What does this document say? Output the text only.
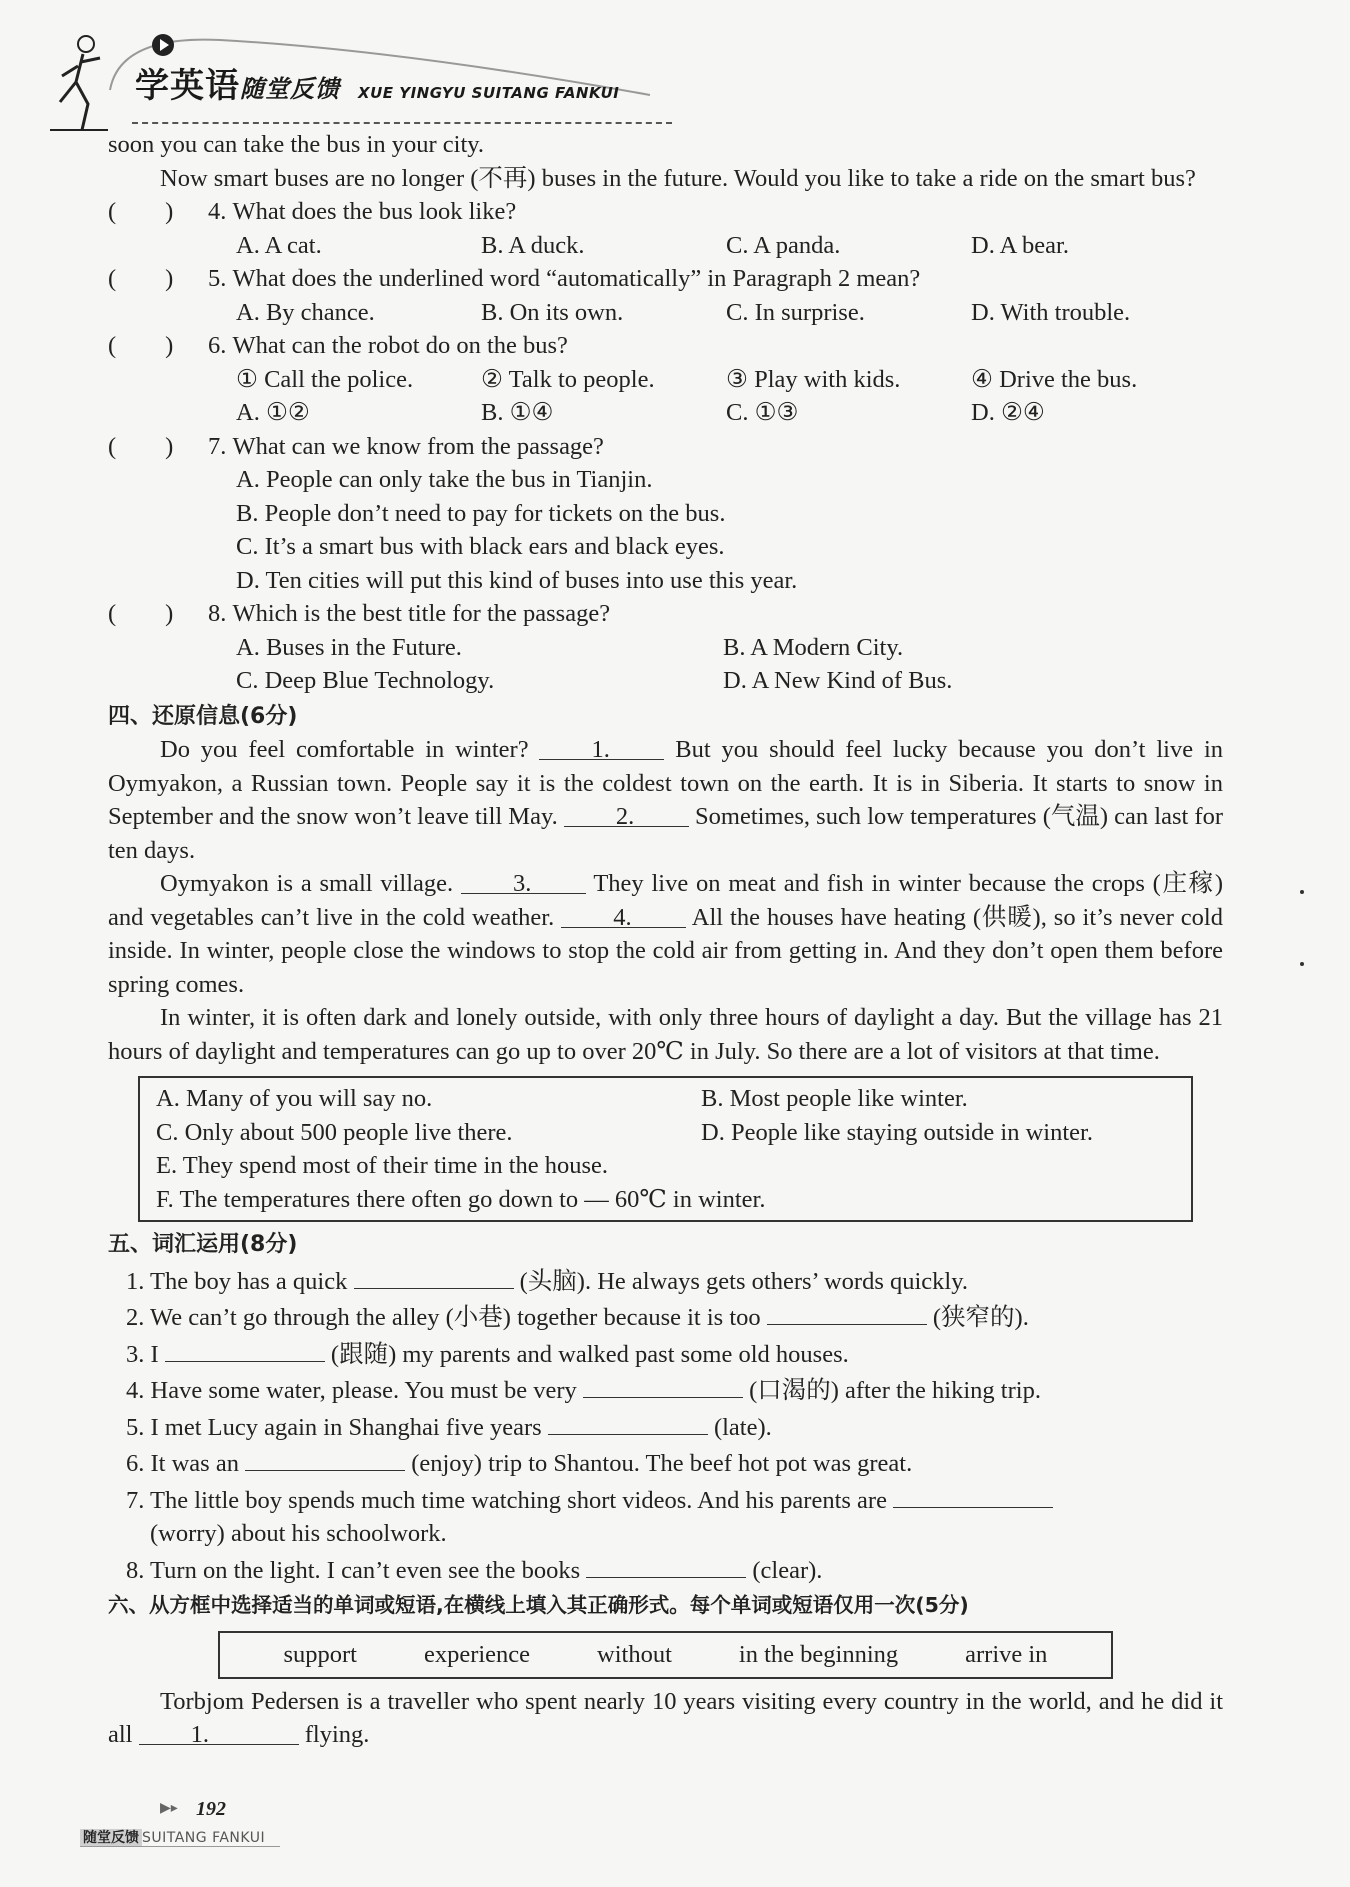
学英语随堂反馈 XUE YINGYU SUITANG FANKUI

soon you can take the bus in your city.

Now smart buses are no longer (不再) buses in the future. Would you like to take a ride on the smart bus?

(        )	4.
What does the bus look like?
A. A cat.	B. A duck.	C. A panda.	D. A bear.
(        )	5.
What does the underlined word “automatically” in Paragraph 2 mean?
A. By chance.	B. On its own.	C. In surprise.	D. With trouble.
(        )	6.
What can the robot do on the bus?
① Call the police.	② Talk to people.	③ Play with kids.	④ Drive the bus.
A. ①②	B. ①④	C. ①③	D. ②④
(        )	7.
What can we know from the passage?

A. People can only take the bus in Tianjin.

B. People don’t need to pay for tickets on the bus.

C. It’s a smart bus with black ears and black eyes.

D. Ten cities will put this kind of buses into use this year.

(        )	8.
Which is the best title for the passage?
A. Buses in the Future.	B. A Modern City.
C. Deep Blue Technology.	D. A New Kind of Bus.

四、还原信息(6分)

Do you feel comfortable in winter? 1. But you should feel lucky because you don’t live in Oymyakon, a Russian town. People say it is the coldest town on the earth. It is in Siberia. It starts to snow in September and the snow won’t leave till May. 2. Sometimes, such low temperatures (气温) can last for ten days.

Oymyakon is a small village. 3. They live on meat and fish in winter because the crops (庄稼) and vegetables can’t live in the cold weather. 4. All the houses have heating (供暖), so it’s never cold inside. In winter, people close the windows to stop the cold air from getting in. And they don’t open them before spring comes.

In winter, it is often dark and lonely outside, with only three hours of daylight a day. But the village has 21 hours of daylight and temperatures can go up to over 20℃ in July. So there are a lot of visitors at that time.

A. Many of you will say no.	B. Most people like winter.
C. Only about 500 people live there.	D. People like staying outside in winter.
E. They spend most of their time in the house.
F. The temperatures there often go down to — 60℃ in winter.

五、词汇运用(8分)

1. The boy has a quick	(头脑). He always gets others’ words quickly.

2. We can’t go through the alley (小巷) together because it is too	(狭窄的).

3. I	(跟随) my parents and walked past some old houses.

4. Have some water, please. You must be very	(口渴的) after the hiking trip.

5. I met Lucy again in Shanghai five years	(late).

6. It was an	(enjoy) trip to Shantou. The beef hot pot was great.

7. The little boy spends much time watching short videos. And his parents are

(worry) about his schoolwork.

8. Turn on the light. I can’t even see the books	(clear).

六、从方框中选择适当的单词或短语,在横线上填入其正确形式。每个单词或短语仅用一次(5分)

support	experience	without	in the beginning	arrive in

Torbjom Pedersen is a traveller who spent nearly 10 years visiting every country in the world, and he did it all 1.	flying.

▶▸ 192
随堂反馈 SUITANG FANKUI
